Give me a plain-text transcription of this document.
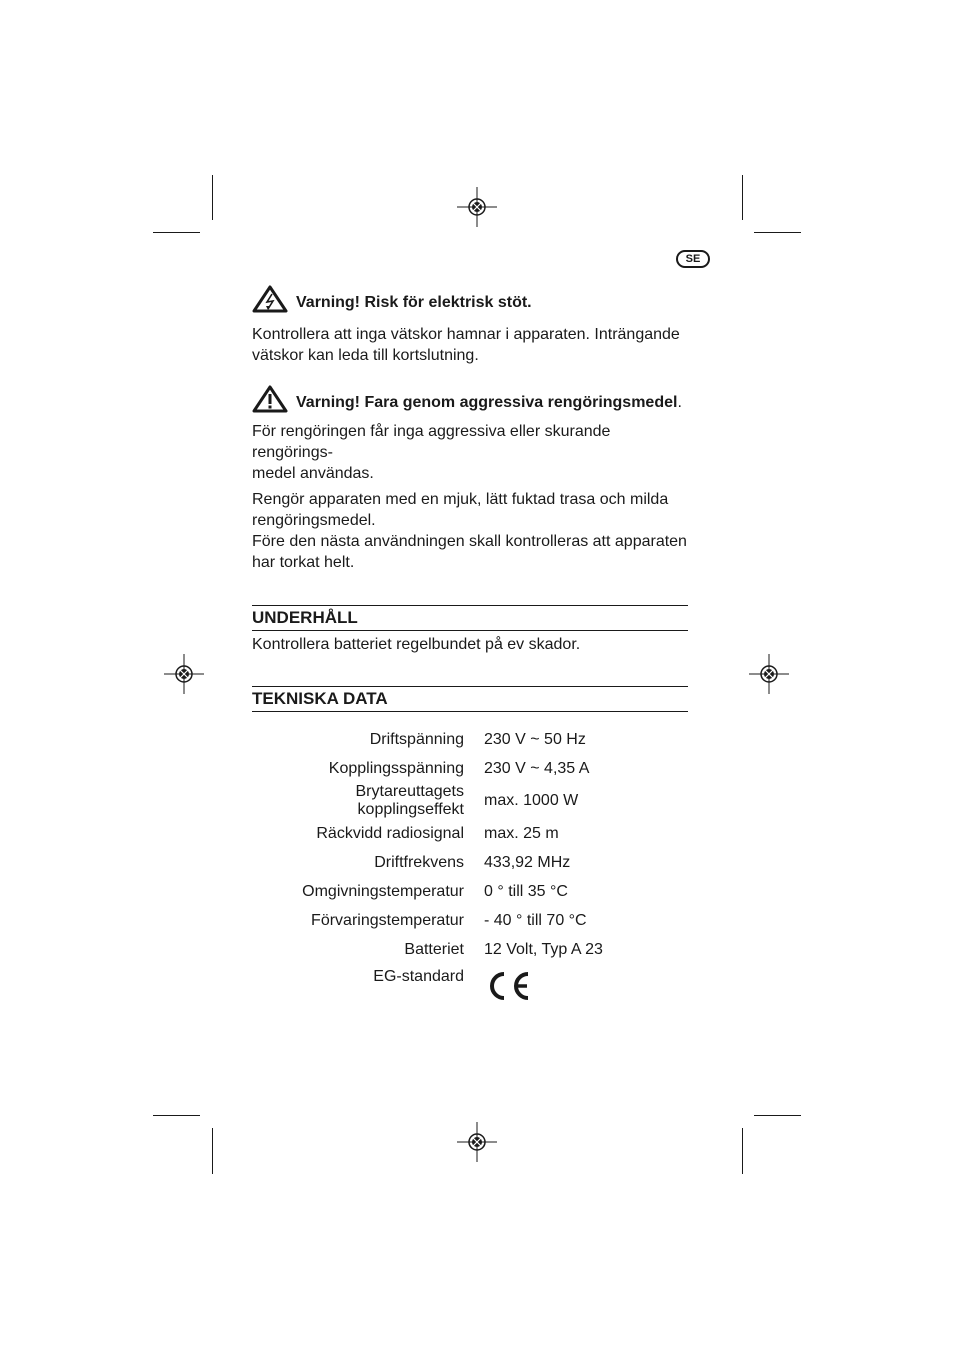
SE
Varning! Risk för elektrisk stöt.

Kontrollera att inga vätskor hamnar i apparaten. Inträngande

vätskor kan leda till kortslutning.

Varning! Fara genom aggressiva rengöringsmedel.

För rengöringen får inga aggressiva eller skurande rengörings-

medel användas.

Rengör apparaten med en mjuk, lätt fuktad trasa och milda

rengöringsmedel.

Före den nästa användningen skall kontrolleras att apparaten

har torkat helt.

UNDERHÅLL

Kontrollera batteriet regelbundet på ev skador.

TEKNISKA DATA
Driftspänning	230 V ~ 50 Hz
Kopplingsspänning	230 V ~ 4,35 A
Brytareuttagets kopplingseffekt	max. 1000 W
Räckvidd radiosignal	max. 25 m
Driftfrekvens	433,92 MHz
Omgivningstemperatur	0 ° till 35 °C
Förvaringstemperatur	- 40 ° till 70 °C
Batteriet	12 Volt, Typ A 23
EG-standard	
